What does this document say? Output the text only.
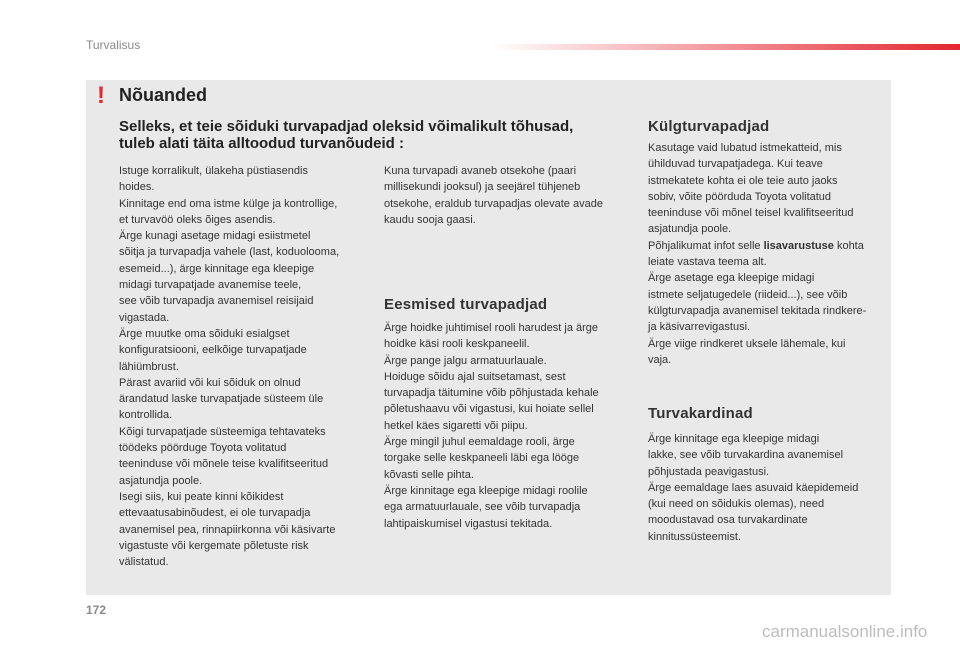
Turvalisus
! Nõuanded
Selleks, et teie sõiduki turvapadjad oleksid võimalikult tõhusad,
tuleb alati täita alltoodud turvanõudeid :
Istuge korralikult, ülakeha püstiasendis
hoides.
Kinnitage end oma istme külge ja kontrollige,
et turvavöö oleks õiges asendis.
Ärge kunagi asetage midagi esiistmetel
sõitja ja turvapadja vahele (last, koduolooma,
esemeid...), ärge kinnitage ega kleepige
midagi turvapatjade avanemise teele,
see võib turvapadja avanemisel reisijaid
vigastada.
Ärge muutke oma sõiduki esialgset
konfiguratsiooni, eelkõige turvapatjade
lähiümbrust.
Pärast avariid või kui sõiduk on olnud
ärandatud laske turvapatjade süsteem üle
kontrollida.
Kõigi turvapatjade süsteemiga tehtavateks
töödeks pöörduge Toyota volitatud
teeninduse või mõnele teise kvalifitseeritud
asjatundja poole.
Isegi siis, kui peate kinni kõikidest
ettevaatusabinõudest, ei ole turvapadja
avanemisel pea, rinnapiirkonna või käsivarte
vigastuste või kergemate põletuste risk
välistatud.
Kuna turvapadi avaneb otsekohe (paari
millisekundi jooksul) ja seejärel tühjeneb
otsekohe, eraldub turvapadjas olevate avade
kaudu sooja gaasi.
Eesmised turvapadjad
Ärge hoidke juhtimisel rooli harudest ja ärge
hoidke käsi rooli keskpaneelil.
Ärge pange jalgu armatuurlauale.
Hoiduge sõidu ajal suitsetamast, sest
turvapadja täitumine võib põhjustada kehale
põletushaavu või vigastusi, kui hoiate sellel
hetkel käes sigaretti või piipu.
Ärge mingil juhul eemaldage rooli, ärge
torgake selle keskpaneeli läbi ega lööge
kõvasti selle pihta.
Ärge kinnitage ega kleepige midagi roolile
ega armatuurlauale, see võib turvapadja
lahtipaiskumisel vigastusi tekitada.
Külgturvapadjad
Kasutage vaid lubatud istmekatteid, mis
ühilduvad turvapatjadega. Kui teave
istmekatete kohta ei ole teie auto jaoks
sobiv, võite pöörduda Toyota volitatud
teeninduse või mõnel teisel kvalifitseeritud
asjatundja poole.
Põhjalikumat infot selle lisavarustuse kohta
leiate vastava teema alt.
Ärge asetage ega kleepige midagi
istmete seljatugedele (riideid...), see võib
külgturvapadja avanemisel tekitada rindkere-
ja käsivarrevigastusi.
Ärge viige rindkeret uksele lähemale, kui
vaja.
Turvakardinad
Ärge kinnitage ega kleepige midagi
lakke, see võib turvakardina avanemisel
põhjustada peavigastusi.
Ärge eemaldage laes asuvaid käepidemeid
(kui need on sõidukis olemas), need
moodustavad osa turvakardinate
kinnitussüsteemist.
172
carmanualsonline.info
